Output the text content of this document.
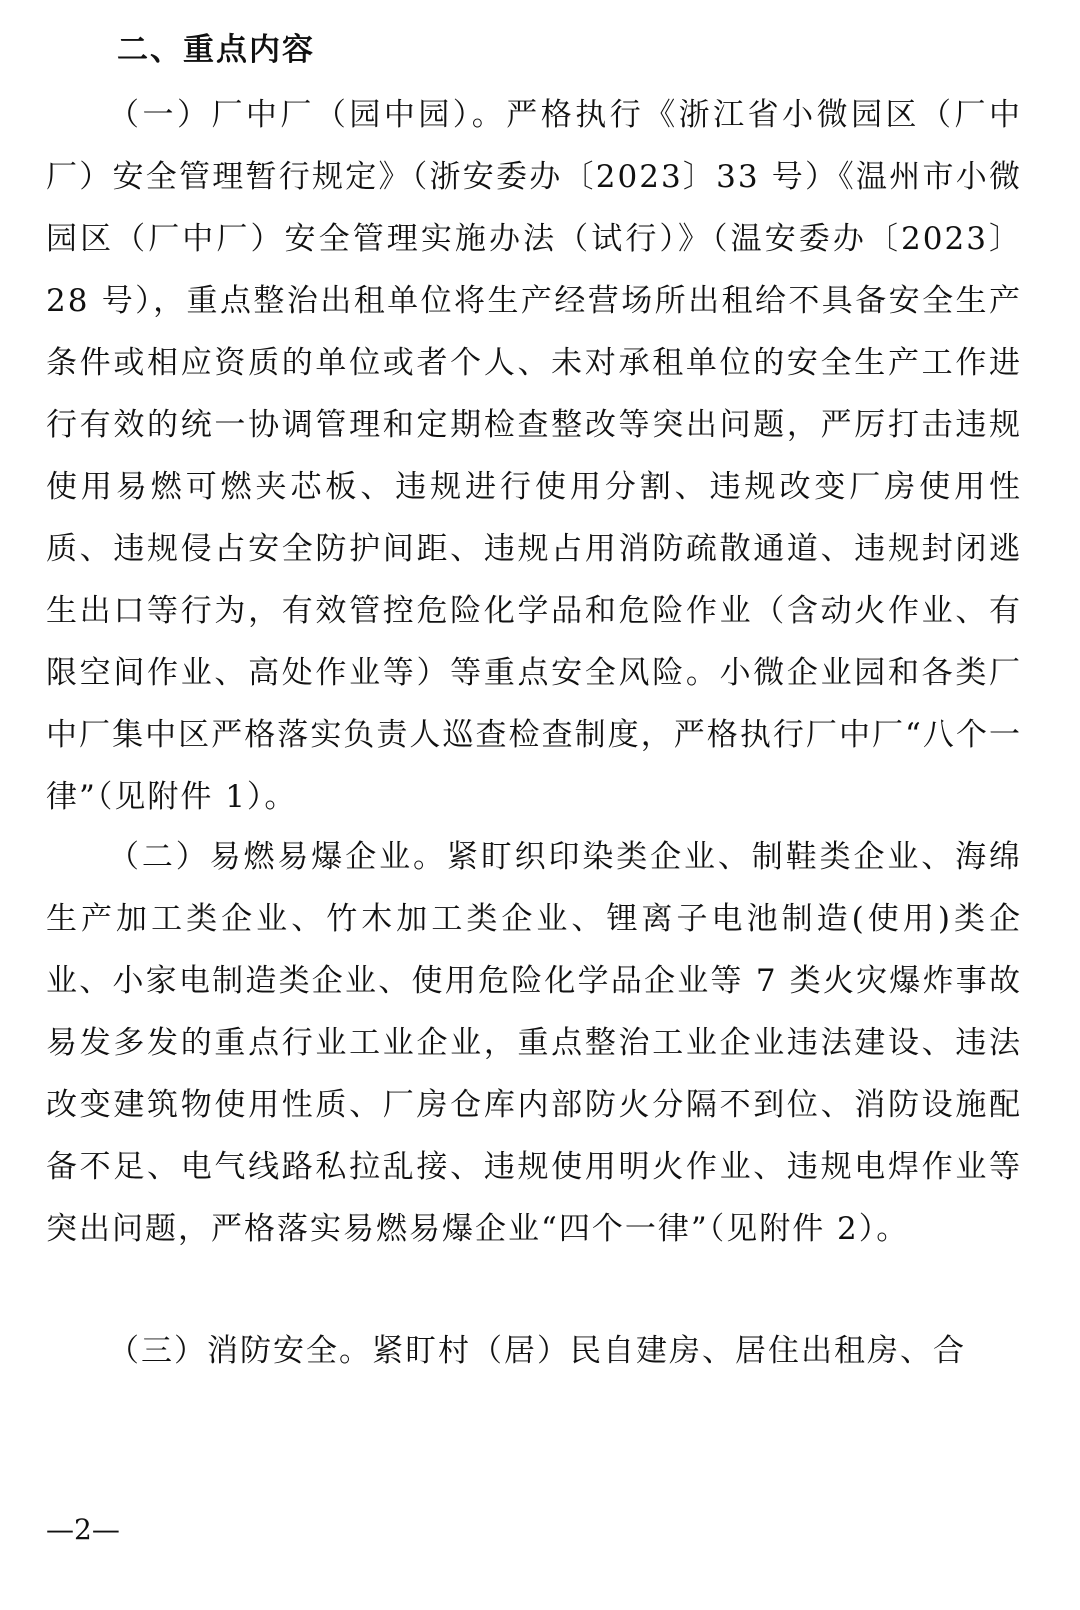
二、重点内容

（一）厂中厂（园中园）。严格执行《浙江省小微园区（厂中厂）安全管理暂行规定》（浙安委办〔2023〕33 号）《温州市小微园区（厂中厂）安全管理实施办法（试行）》（温安委办〔2023〕28 号），重点整治出租单位将生产经营场所出租给不具备安全生产条件或相应资质的单位或者个人、未对承租单位的安全生产工作进行有效的统一协调管理和定期检查整改等突出问题，严厉打击违规使用易燃可燃夹芯板、违规进行使用分割、违规改变厂房使用性质、违规侵占安全防护间距、违规占用消防疏散通道、违规封闭逃生出口等行为，有效管控危险化学品和危险作业（含动火作业、有限空间作业、高处作业等）等重点安全风险。小微企业园和各类厂中厂集中区严格落实负责人巡查检查制度，严格执行厂中厂“八个一律”（见附件 1）。

（二）易燃易爆企业。紧盯织印染类企业、制鞋类企业、海绵生产加工类企业、竹木加工类企业、锂离子电池制造(使用)类企业、小家电制造类企业、使用危险化学品企业等 7 类火灾爆炸事故易发多发的重点行业工业企业，重点整治工业企业违法建设、违法改变建筑物使用性质、厂房仓库内部防火分隔不到位、消防设施配备不足、电气线路私拉乱接、违规使用明火作业、违规电焊作业等突出问题，严格落实易燃易爆企业“四个一律”（见附件 2）。

（三）消防安全。紧盯村（居）民自建房、居住出租房、合

—2—
